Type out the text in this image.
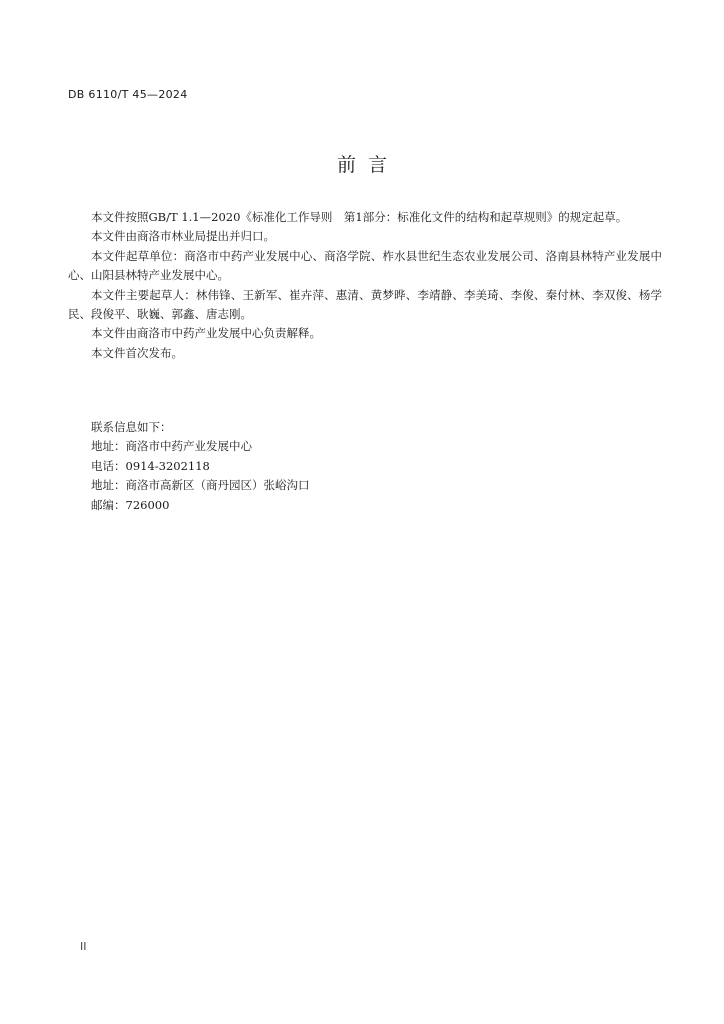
DB 6110/T 45—2024
前  言

本文件按照GB/T 1.1—2020《标准化工作导则　第1部分：标准化文件的结构和起草规则》的规定起草。

本文件由商洛市林业局提出并归口。

本文件起草单位：商洛市中药产业发展中心、商洛学院、柞水县世纪生态农业发展公司、洛南县林特产业发展中心、山阳县林特产业发展中心。

本文件主要起草人：林伟锋、王新军、崔卉萍、惠清、黄梦晔、李靖静、李美琦、李俊、秦付林、李双俊、杨学民、段俊平、耿巍、郭鑫、唐志刚。

本文件由商洛市中药产业发展中心负责解释。

本文件首次发布。

联系信息如下：
地址：商洛市中药产业发展中心
电话：0914-3202118
地址：商洛市高新区（商丹园区）张峪沟口
邮编：726000
II
